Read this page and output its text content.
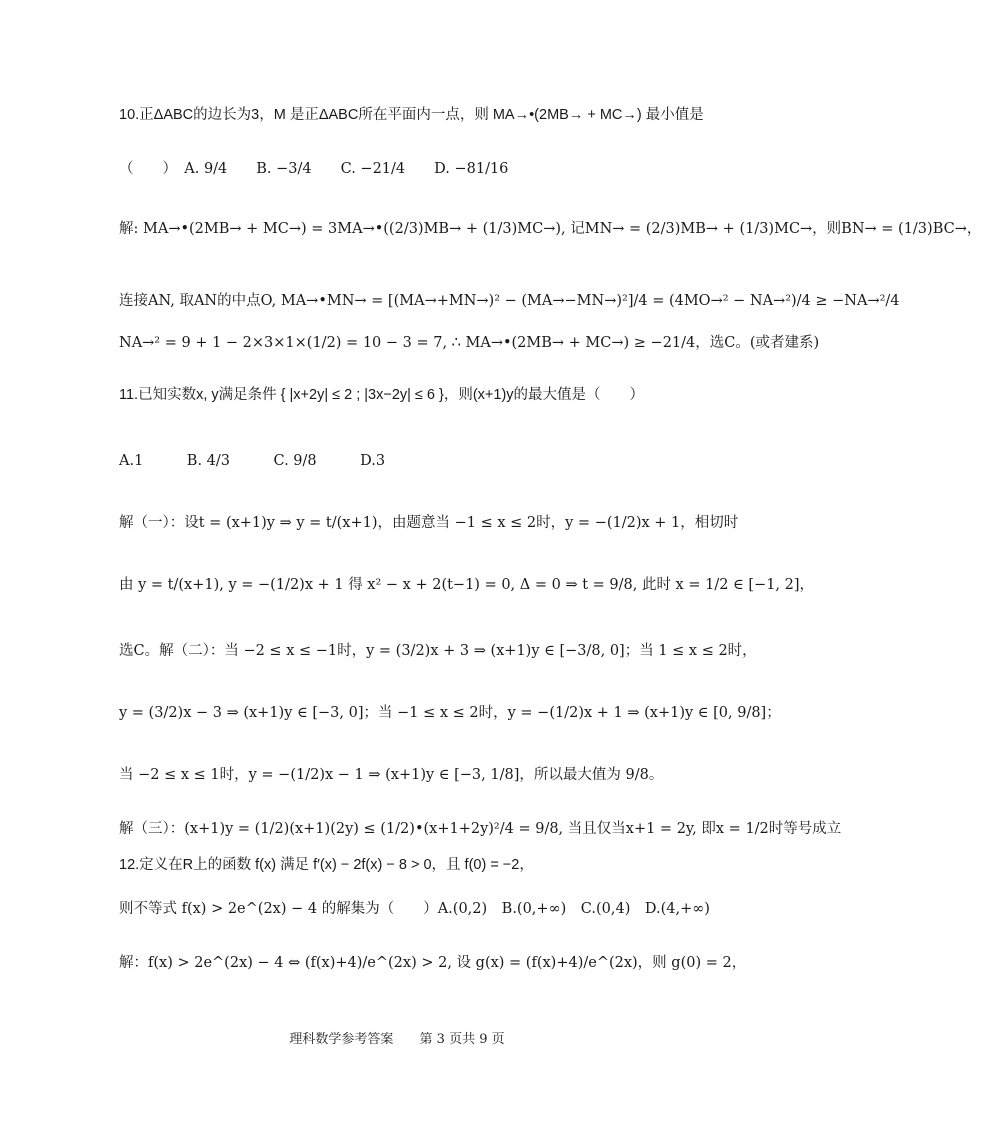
10.正ΔABC的边长为3，M 是正ΔABC所在平面内一点，则 MA→•(2MB→ + MC→) 最小值是
（　　）　A. 9/4　　B. −3/4　　C. −21/4　　D. −81/16
解: MA→•(2MB→ + MC→) = 3MA→•((2/3)MB→ + (1/3)MC→), 记MN→ = (2/3)MB→ + (1/3)MC→，则BN→ = (1/3)BC→，
连接AN, 取AN的中点O, MA→•MN→ = [(MA→+MN→)² − (MA→−MN→)²]/4 = (4MO→² − NA→²)/4 ≥ −NA→²/4
NA→² = 9 + 1 − 2×3×1×(1/2) = 10 − 3 = 7, ∴ MA→•(2MB→ + MC→) ≥ −21/4，选C。(或者建系)
11.已知实数x, y满足条件 { |x+2y| ≤ 2 ; |3x−2y| ≤ 6 }，则(x+1)y的最大值是（　　）
A.1　　　B. 4/3　　　C. 9/8　　　D.3
解（一）：设t = (x+1)y ⇒ y = t/(x+1)，由题意当 −1 ≤ x ≤ 2时，y = −(1/2)x + 1，相切时
由 y = t/(x+1), y = −(1/2)x + 1 得 x² − x + 2(t−1) = 0, Δ = 0 ⇒ t = 9/8, 此时 x = 1/2 ∈ [−1, 2]，
选C。解（二）：当 −2 ≤ x ≤ −1时，y = (3/2)x + 3 ⇒ (x+1)y ∈ [−3/8, 0]；当 1 ≤ x ≤ 2时，
y = (3/2)x − 3 ⇒ (x+1)y ∈ [−3, 0]；当 −1 ≤ x ≤ 2时，y = −(1/2)x + 1 ⇒ (x+1)y ∈ [0, 9/8]；
当 −2 ≤ x ≤ 1时，y = −(1/2)x − 1 ⇒ (x+1)y ∈ [−3, 1/8]，所以最大值为 9/8。
解（三）：(x+1)y = (1/2)(x+1)(2y) ≤ (1/2)•(x+1+2y)²/4 = 9/8, 当且仅当x+1 = 2y, 即x = 1/2时等号成立
12.定义在R上的函数 f(x) 满足 f′(x) − 2f(x) − 8 > 0，且 f(0) = −2，
则不等式 f(x) > 2e^(2x) − 4 的解集为（　　）A.(0,2)　B.(0,+∞)　C.(0,4)　D.(4,+∞)
解：f(x) > 2e^(2x) − 4 ⇔ (f(x)+4)/e^(2x) > 2, 设 g(x) = (f(x)+4)/e^(2x)，则 g(0) = 2，
理科数学参考答案 第 3 页共 9 页
